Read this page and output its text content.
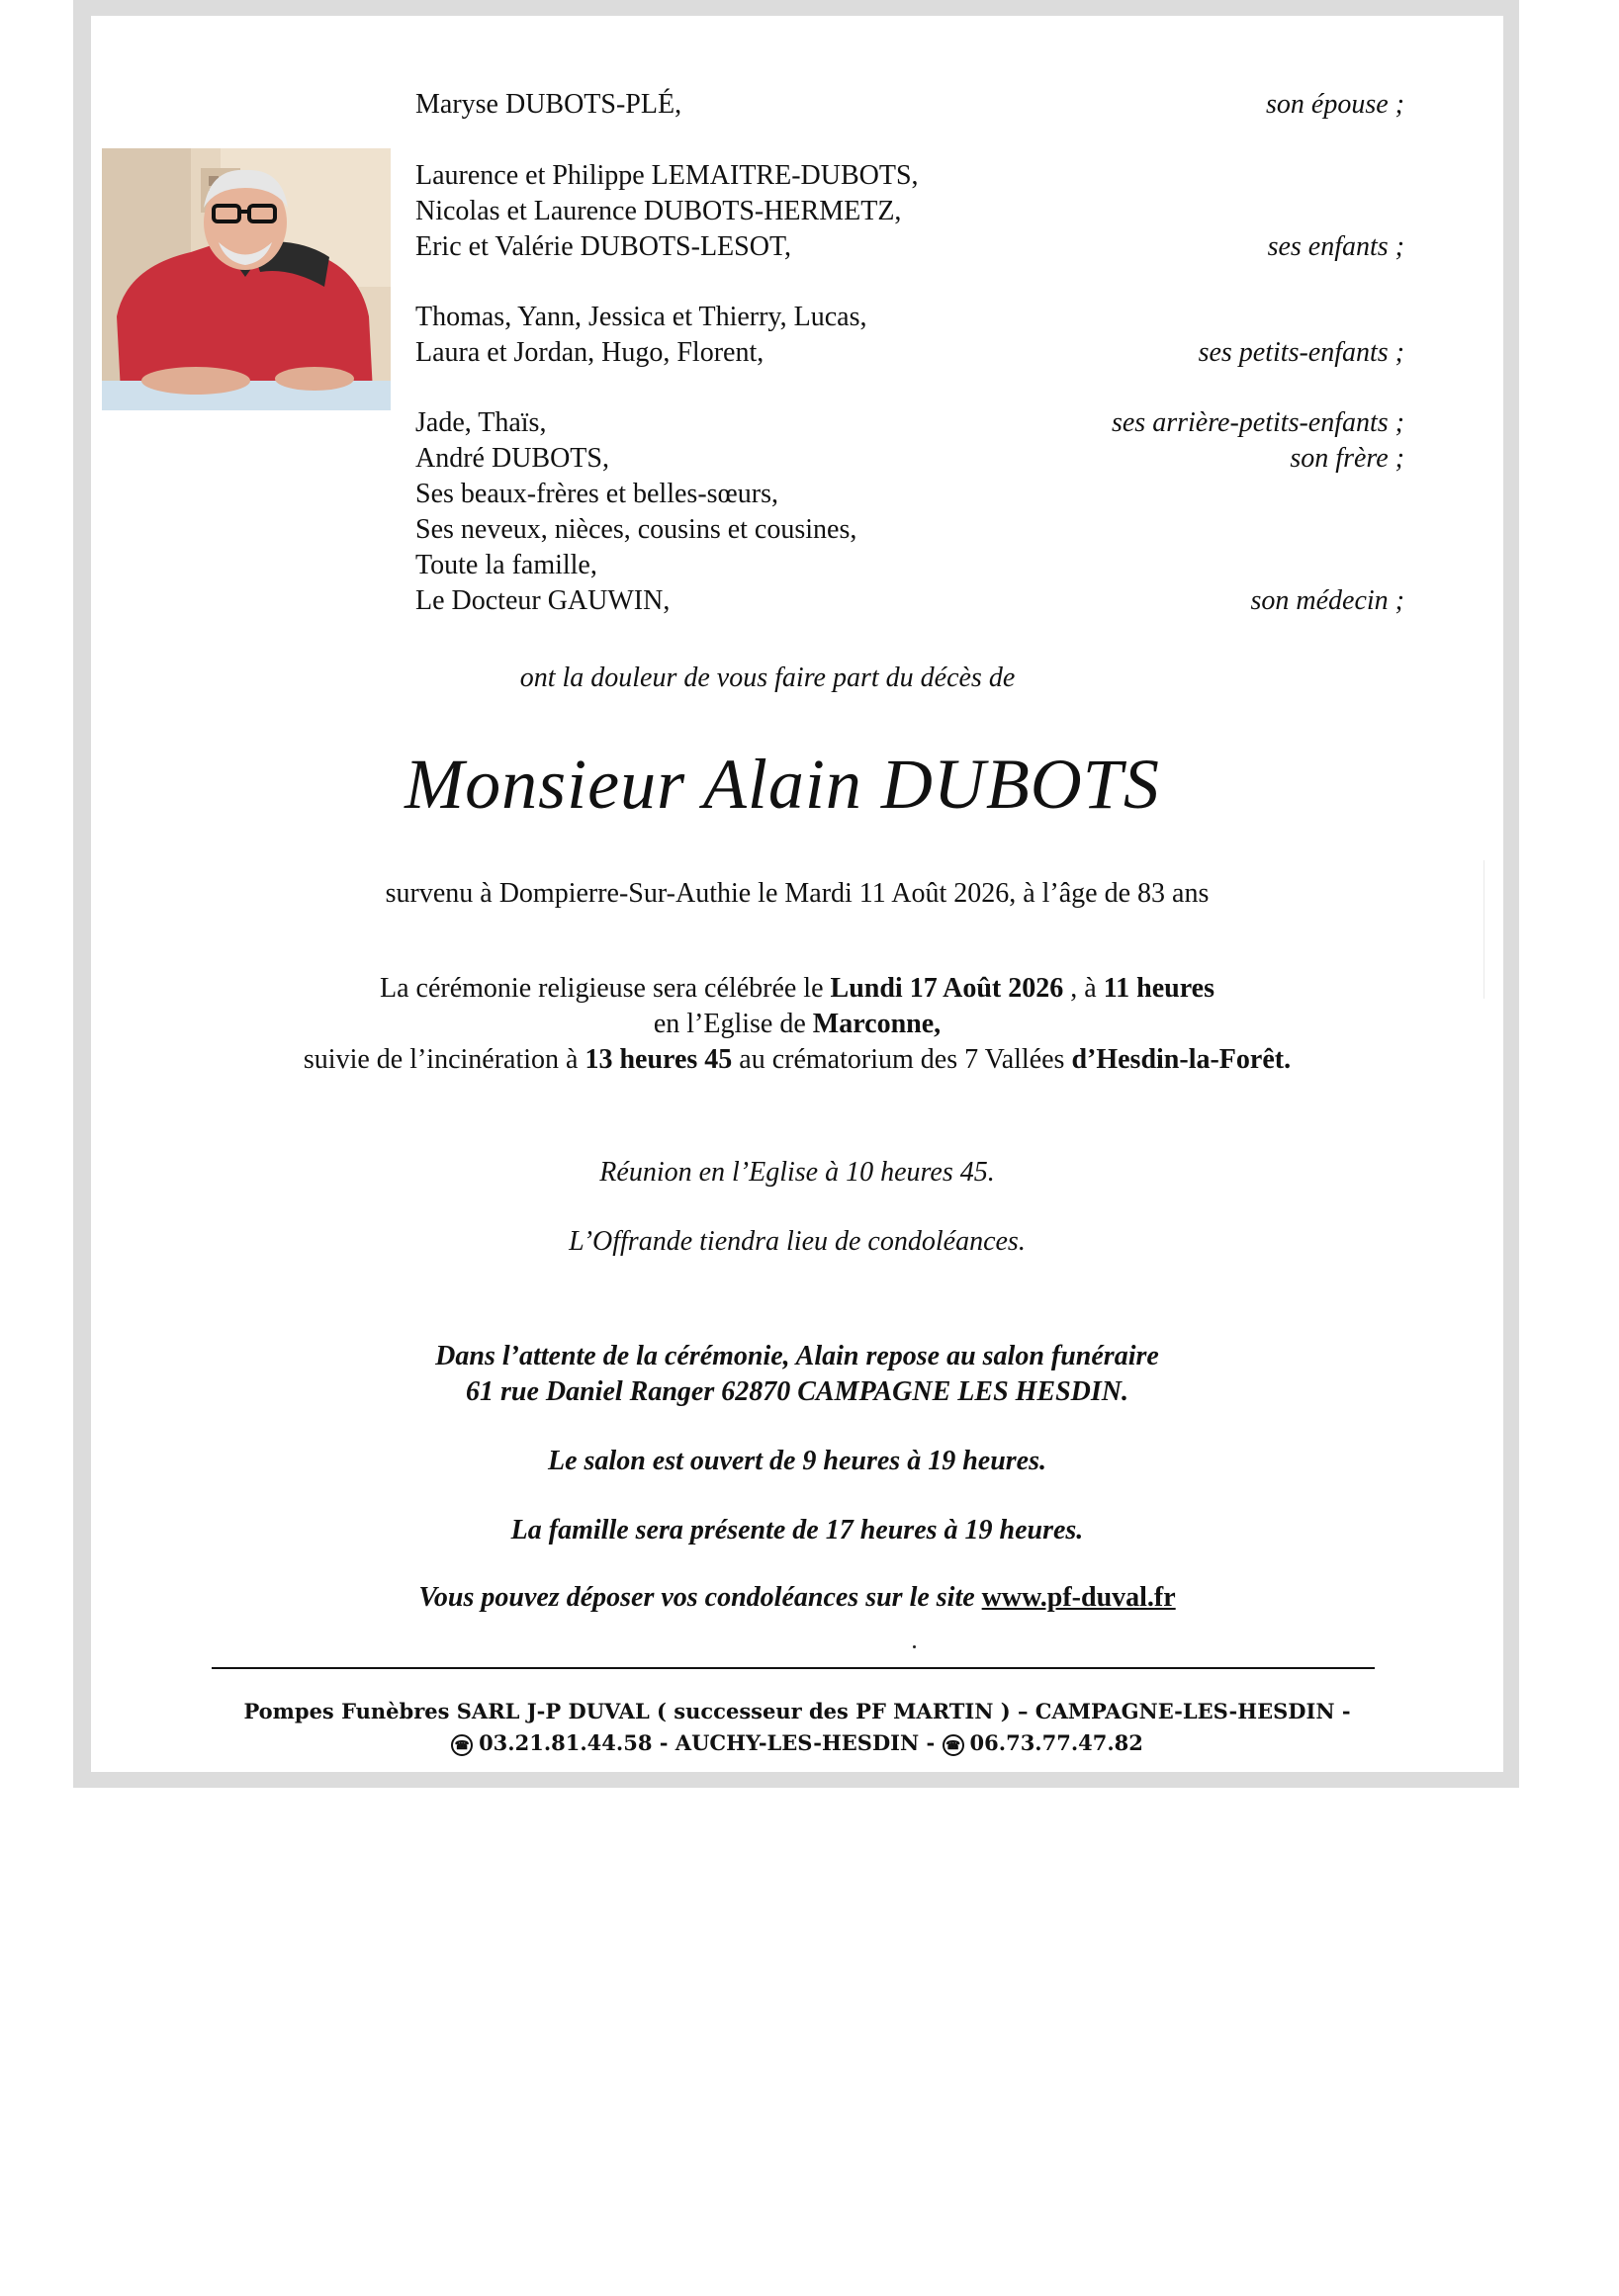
Maryse DUBOTS-PLÉ,	son épouse ;
Laurence et Philippe LEMAITRE-DUBOTS,
Nicolas et Laurence DUBOTS-HERMETZ,
Eric et Valérie DUBOTS-LESOT,	ses enfants ;
Thomas, Yann, Jessica et Thierry, Lucas,
Laura et Jordan, Hugo, Florent,	ses petits-enfants ;
Jade, Thaïs,	ses arrière-petits-enfants ;
André DUBOTS,	son frère ;
Ses beaux-frères et belles-sœurs,
Ses neveux, nièces, cousins et cousines,
Toute la famille,
Le Docteur GAUWIN,	son médecin ;
ont la douleur de vous faire part du décès de
Monsieur Alain DUBOTS
survenu à Dompierre-Sur-Authie le Mardi 11 Août 2026, à l’âge de 83 ans
La cérémonie religieuse sera célébrée le Lundi 17 Août 2026 , à 11 heures
en l’Eglise de Marconne,
suivie de l’incinération à 13 heures 45 au crématorium des 7 Vallées d’Hesdin-la-Forêt.
Réunion en l’Eglise à 10 heures 45.
L’Offrande tiendra lieu de condoléances.
Dans l’attente de la cérémonie, Alain repose au salon funéraire
61 rue Daniel Ranger 62870 CAMPAGNE LES HESDIN.
Le salon est ouvert de 9 heures à 19 heures.
La famille sera présente de 17 heures à 19 heures.
Vous pouvez déposer vos condoléances sur le site www.pf-duval.fr
Pompes Funèbres SARL J-P DUVAL ( successeur des PF MARTIN ) – CAMPAGNE-LES-HESDIN -
☎ 03.21.81.44.58 - AUCHY-LES-HESDIN - ☎ 06.73.77.47.82
